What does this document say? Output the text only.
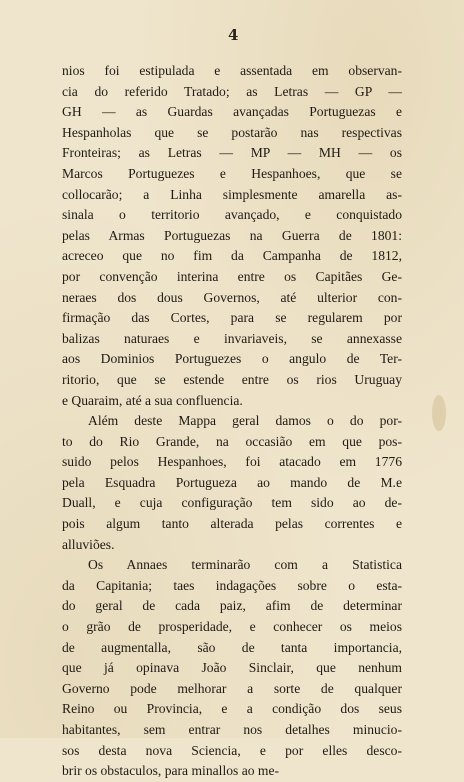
4
nios foi estipulada e assentada em observan-
cia do referido Tratado; as Letras — GP —
GH — as Guardas avançadas Portuguezas e
Hespanholas que se postarão nas respectivas
Fronteiras; as Letras — MP — MH — os
Marcos Portuguezes e Hespanhoes, que se
collocarão; a Linha simplesmente amarella as-
sinala o territorio avançado, e conquistado
pelas Armas Portuguezas na Guerra de 1801:
acreceo que no fim da Campanha de 1812,
por convenção interina entre os Capitães Ge-
neraes dos dous Governos, até ulterior con-
firmação das Cortes, para se regularem por
balizas naturaes e invariaveis, se annexasse
aos Dominios Portuguezes o angulo de Ter-
ritorio, que se estende entre os rios Uruguay
e Quaraim, até a sua confluencia.
Além deste Mappa geral damos o do por-
to do Rio Grande, na occasião em que pos-
suido pelos Hespanhoes, foi atacado em 1776
pela Esquadra Portugueza ao mando de M.e
Duall, e cuja configuração tem sido ao de-
pois algum tanto alterada pelas correntes e
alluviões.
Os Annaes terminarão com a Statistica
da Capitania; taes indagações sobre o esta-
do geral de cada paiz, afim de determinar
o grão de prosperidade, e conhecer os meios
de augmentalla, são de tanta importancia,
que já opinava João Sinclair, que nenhum
Governo pode melhorar a sorte de qualquer
Reino ou Provincia, e a condição dos seus
habitantes, sem entrar nos detalhes minucio-
sos desta nova Sciencia, e por elles desco-
brir os obstaculos, para minallos ao me-
